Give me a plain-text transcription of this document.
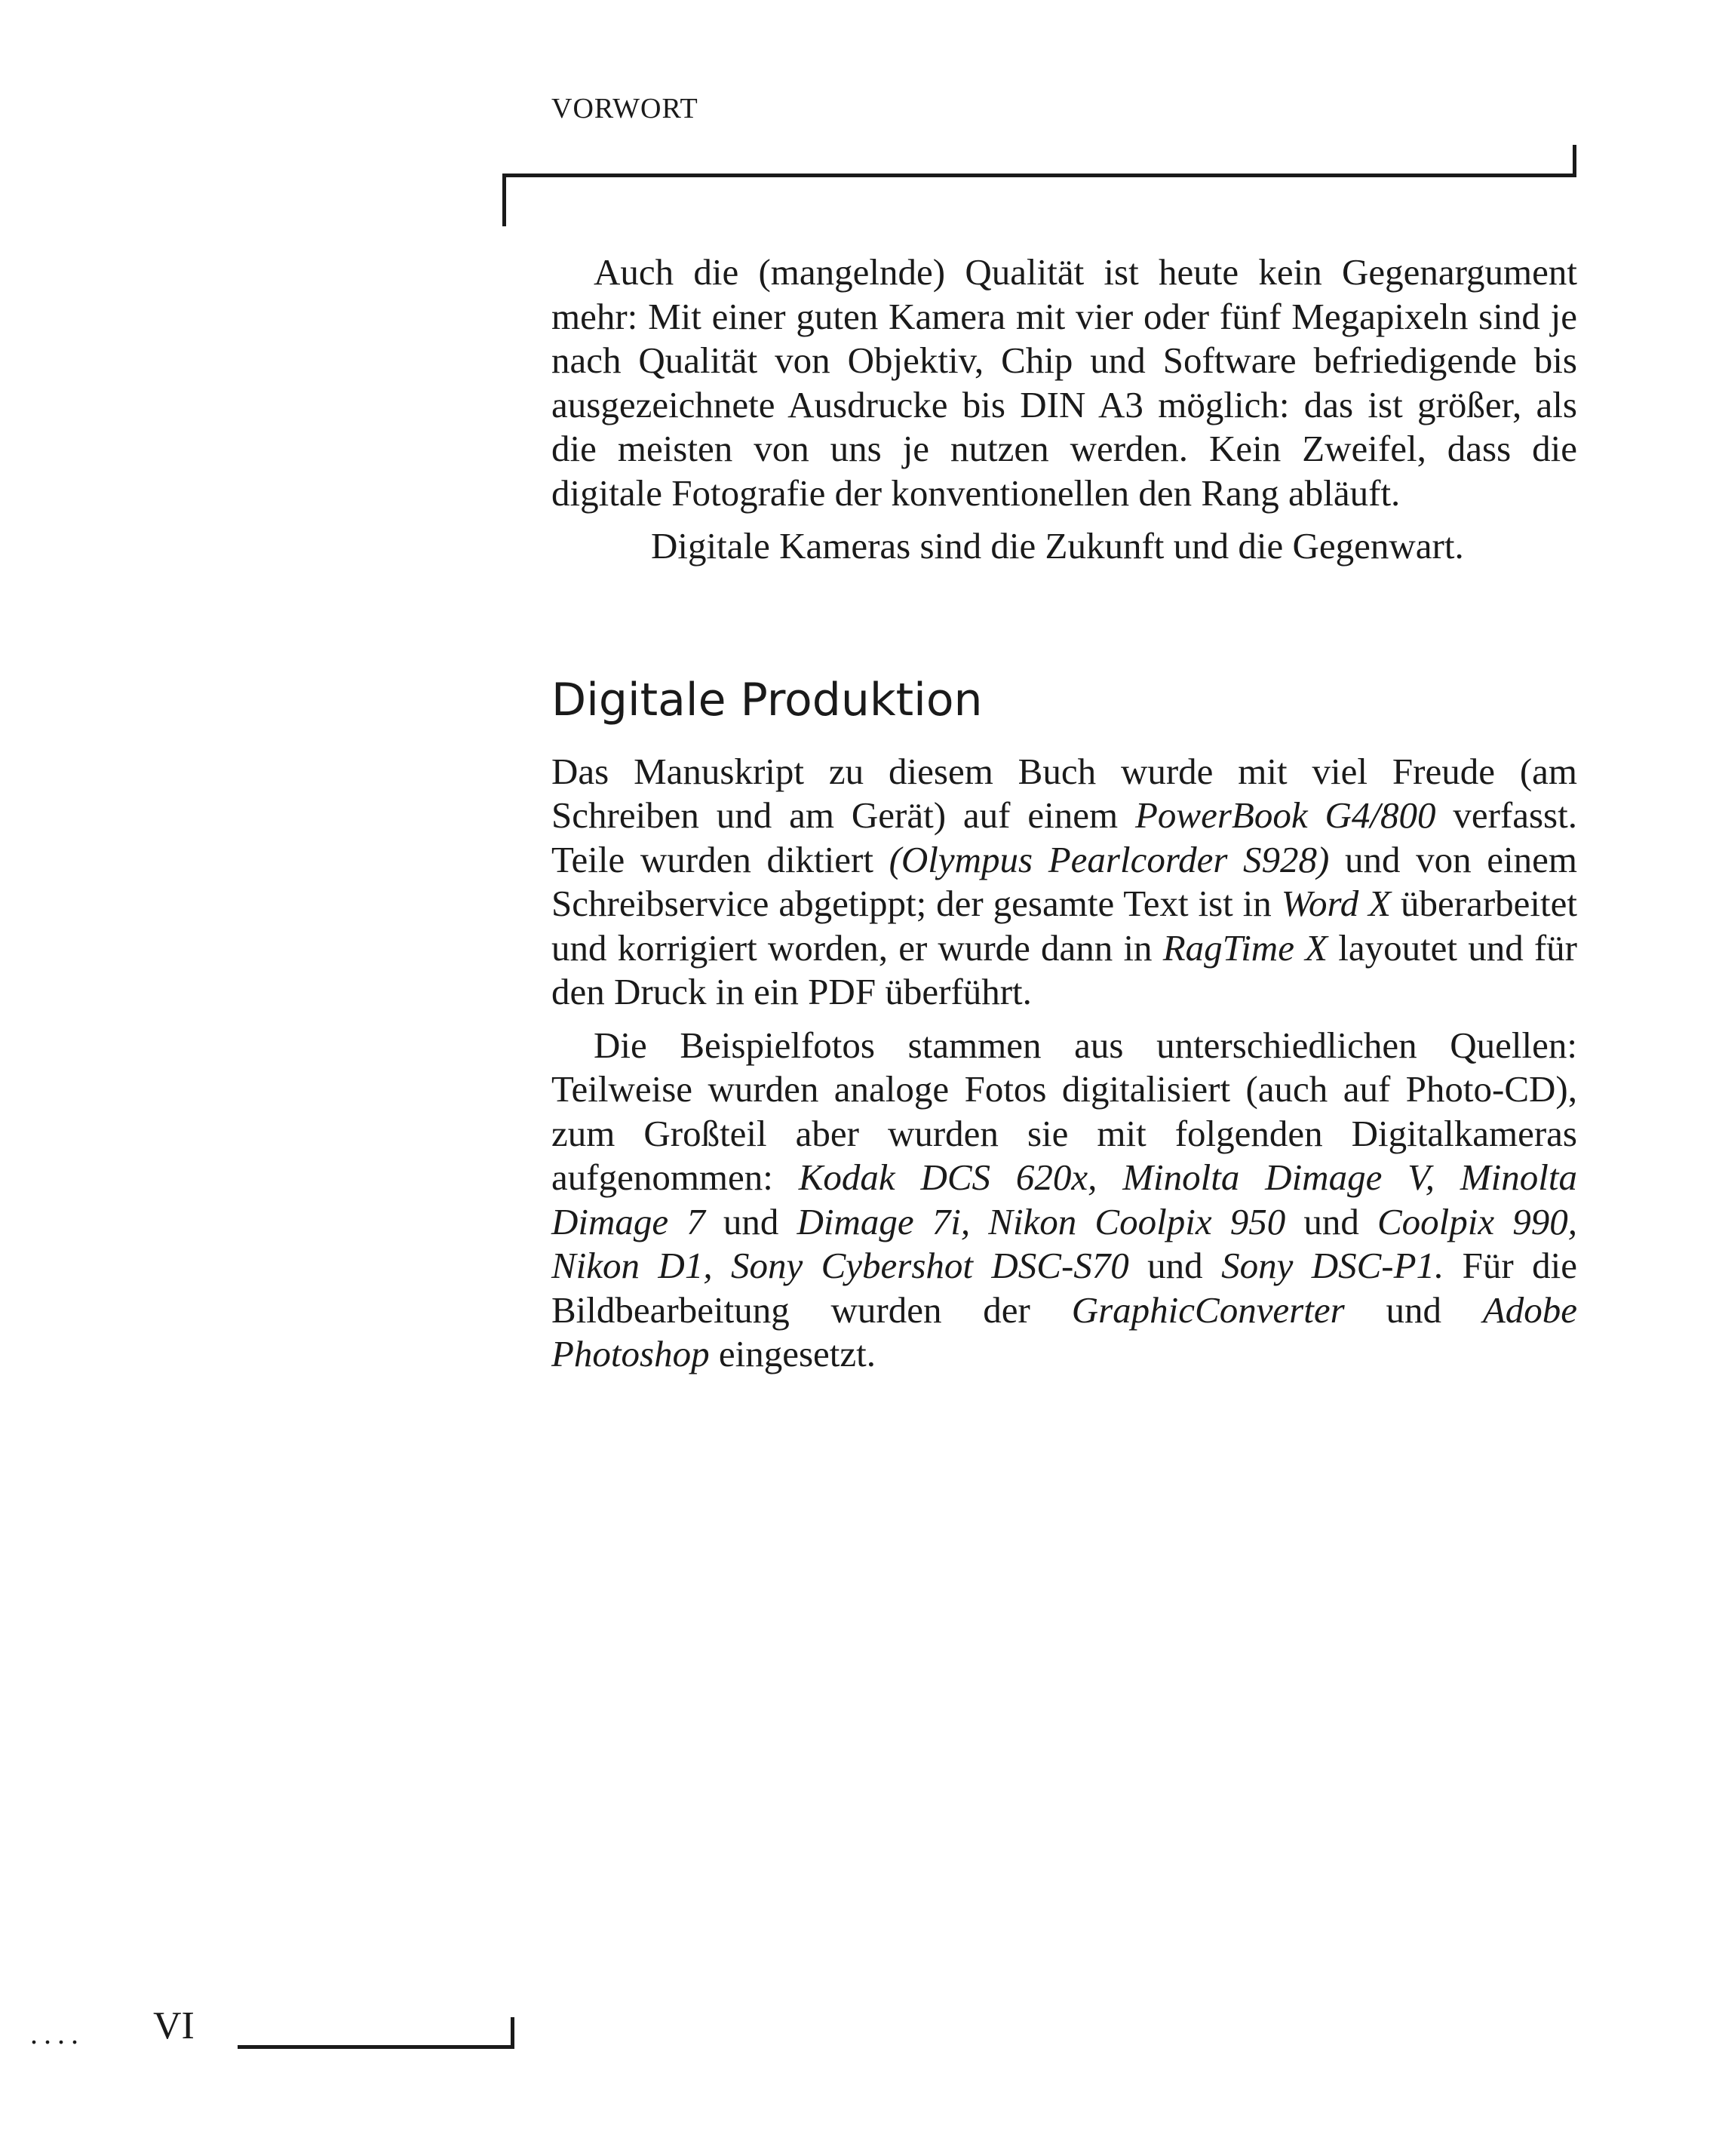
VORWORT

Auch die (mangelnde) Qualität ist heute kein Gegenargument mehr: Mit einer guten Kamera mit vier oder fünf Megapixeln sind je nach Qualität von Objektiv, Chip und Software befriedigende bis ausgezeichnete Ausdrucke bis DIN A3 möglich: das ist größer, als die meisten von uns je nutzen werden. Kein Zweifel, dass die digitale Fotografie der konventionellen den Rang abläuft.

Digitale Kameras sind die Zukunft und die Gegenwart.

Digitale Produktion

Das Manuskript zu diesem Buch wurde mit viel Freude (am Schreiben und am Gerät) auf einem PowerBook G4/800 verfasst. Teile wurden diktiert (Olympus Pearlcorder S928) und von einem Schreibservice abgetippt; der gesamte Text ist in Word X überarbeitet und korrigiert worden, er wurde dann in RagTime X layoutet und für den Druck in ein PDF überführt.

Die Beispielfotos stammen aus unterschiedlichen Quellen: Teilweise wurden analoge Fotos digitalisiert (auch auf Photo-CD), zum Großteil aber wurden sie mit folgenden Digitalkameras aufgenommen: Kodak DCS 620x, Minolta Dimage V, Minolta Dimage 7 und Dimage 7i, Nikon Coolpix 950 und Coolpix 990, Nikon D1, Sony Cybershot DSC-S70 und Sony DSC-P1. Für die Bildbearbeitung wurden der GraphicConverter und Adobe Photoshop eingesetzt.

.... VI
